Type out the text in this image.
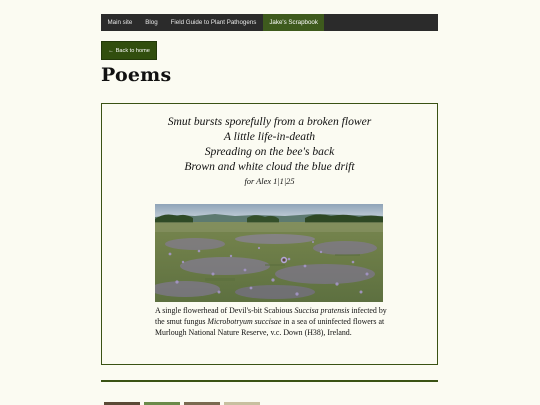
Main site	Blog	Field Guide to Plant Pathogens	Jake's Scrapbook
← Back to home
Poems
Smut bursts sporefully from a broken flower
A little life-in-death
Spreading on the bee's back
Brown and white cloud the blue drift
for Alex 1|1|25

A single flowerhead of Devil's-bit Scabious Succisa pratensis infected by the smut fungus Microbotryum succisae in a sea of uninfected flowers at Murlough National Nature Reserve, v.c. Down (H38), Ireland.
